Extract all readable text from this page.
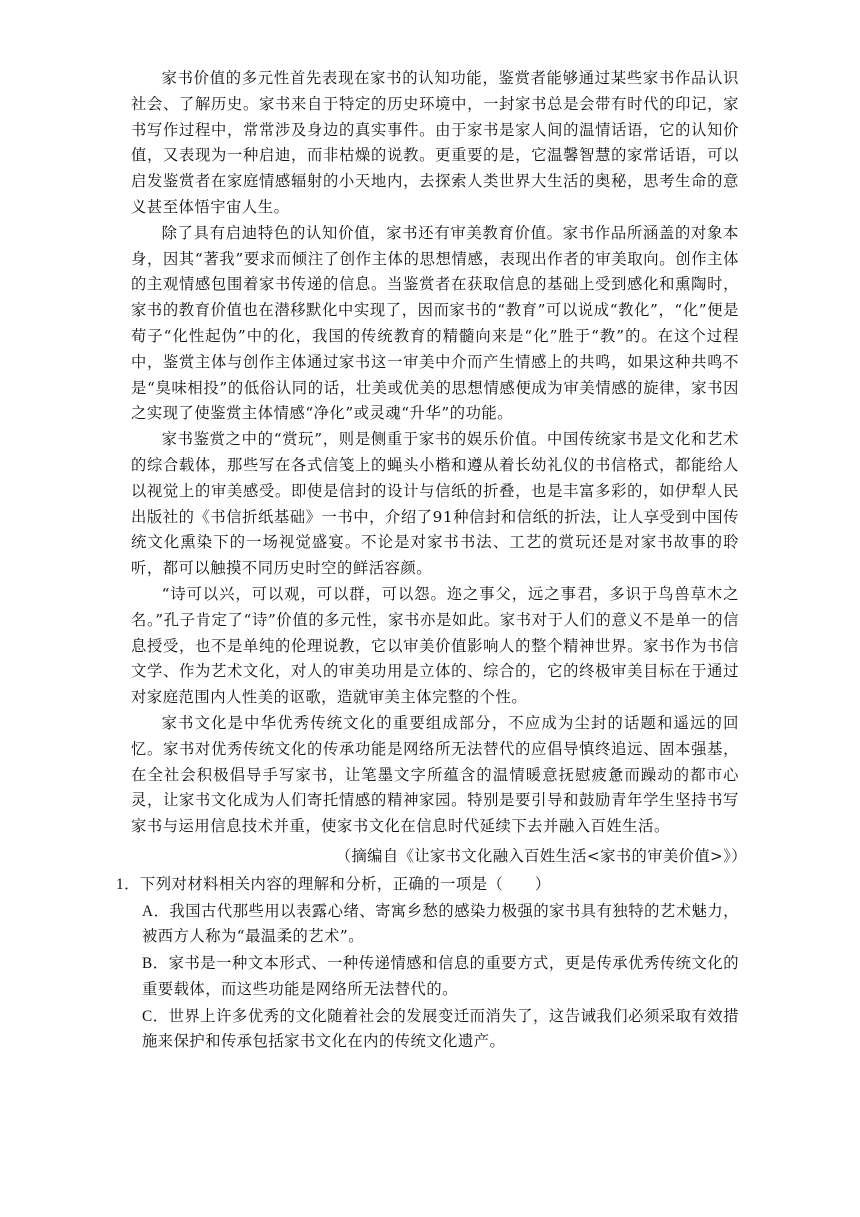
家书价值的多元性首先表现在家书的认知功能，鉴赏者能够通过某些家书作品认识社会、了解历史。家书来自于特定的历史环境中，一封家书总是会带有时代的印记，家书写作过程中，常常涉及身边的真实事件。由于家书是家人间的温情话语，它的认知价值，又表现为一种启迪，而非枯燥的说教。更重要的是，它温馨智慧的家常话语，可以启发鉴赏者在家庭情感辐射的小天地内，去探索人类世界大生活的奥秘，思考生命的意义甚至体悟宇宙人生。

除了具有启迪特色的认知价值，家书还有审美教育价值。家书作品所涵盖的对象本身，因其“著我”要求而倾注了创作主体的思想情感，表现出作者的审美取向。创作主体的主观情感包围着家书传递的信息。当鉴赏者在获取信息的基础上受到感化和熏陶时，家书的教育价值也在潜移默化中实现了，因而家书的“教育”可以说成“教化”，“化”便是荀子“化性起伪”中的化，我国的传统教育的精髓向来是“化”胜于“教”的。在这个过程中，鉴赏主体与创作主体通过家书这一审美中介而产生情感上的共鸣，如果这种共鸣不是“臭味相投”的低俗认同的话，壮美或优美的思想情感便成为审美情感的旋律，家书因之实现了使鉴赏主体情感“净化”或灵魂“升华”的功能。

家书鉴赏之中的“赏玩”，则是侧重于家书的娱乐价值。中国传统家书是文化和艺术的综合载体，那些写在各式信笺上的蝇头小楷和遵从着长幼礼仪的书信格式，都能给人以视觉上的审美感受。即使是信封的设计与信纸的折叠，也是丰富多彩的，如伊犁人民出版社的《书信折纸基础》一书中，介绍了91种信封和信纸的折法，让人享受到中国传统文化熏染下的一场视觉盛宴。不论是对家书书法、工艺的赏玩还是对家书故事的聆听，都可以触摸不同历史时空的鲜活容颜。

“诗可以兴，可以观，可以群，可以怨。迩之事父，远之事君，多识于鸟兽草木之名。”孔子肯定了“诗”价值的多元性，家书亦是如此。家书对于人们的意义不是单一的信息授受，也不是单纯的伦理说教，它以审美价值影响人的整个精神世界。家书作为书信文学、作为艺术文化，对人的审美功用是立体的、综合的，它的终极审美目标在于通过对家庭范围内人性美的讴歌，造就审美主体完整的个性。

家书文化是中华优秀传统文化的重要组成部分，不应成为尘封的话题和遥远的回忆。家书对优秀传统文化的传承功能是网络所无法替代的应倡导慎终追远、固本强基，在全社会积极倡导手写家书，让笔墨文字所蕴含的温情暖意抚慰疲惫而躁动的都市心灵，让家书文化成为人们寄托情感的精神家园。特别是要引导和鼓励青年学生坚持书写家书与运用信息技术并重，使家书文化在信息时代延续下去并融入百姓生活。

（摘编自《让家书文化融入百姓生活<家书的审美价值>》）

1．下列对材料相关内容的理解和分析，正确的一项是（　　）

A．我国古代那些用以表露心绪、寄寓乡愁的感染力极强的家书具有独特的艺术魅力，被西方人称为“最温柔的艺术”。

B．家书是一种文本形式、一种传递情感和信息的重要方式，更是传承优秀传统文化的重要载体，而这些功能是网络所无法替代的。

C．世界上许多优秀的文化随着社会的发展变迁而消失了，这告诫我们必须采取有效措施来保护和传承包括家书文化在内的传统文化遗产。
